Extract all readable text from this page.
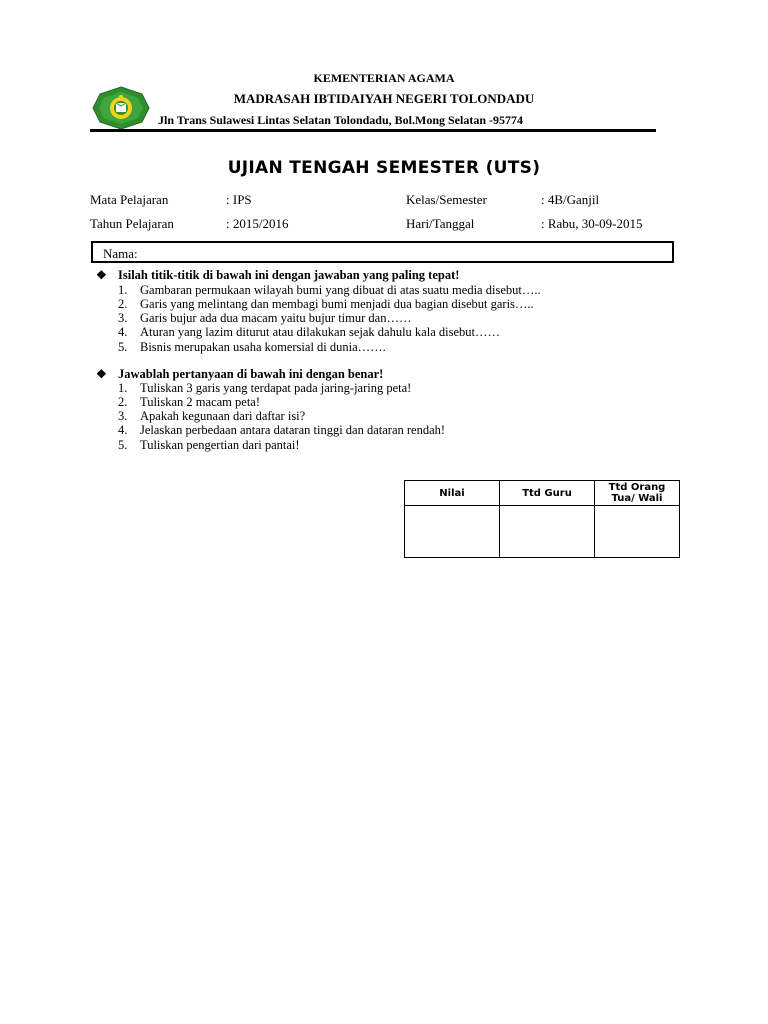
KEMENTERIAN AGAMA
MADRASAH IBTIDAIYAH NEGERI TOLONDADU
Jln Trans Sulawesi Lintas Selatan Tolondadu, Bol.Mong Selatan -95774
UJIAN TENGAH SEMESTER (UTS)
Mata Pelajaran	: IPS	Kelas/Semester	: 4B/Ganjil
Tahun Pelajaran	: 2015/2016	Hari/Tanggal	: Rabu, 30-09-2015
Nama:
❖ Isilah titik-titik di bawah ini dengan jawaban yang paling tepat!
1. Gambaran permukaan wilayah bumi yang dibuat di atas suatu media disebut…..
2. Garis yang melintang dan membagi bumi menjadi dua bagian disebut garis…..
3. Garis bujur ada dua macam yaitu bujur timur dan……
4. Aturan yang lazim diturut atau dilakukan sejak dahulu kala disebut……
5. Bisnis merupakan usaha komersial di dunia…….
❖ Jawablah pertanyaan di bawah ini dengan benar!
1. Tuliskan 3 garis yang terdapat pada jaring-jaring peta!
2. Tuliskan 2 macam peta!
3. Apakah kegunaan dari daftar isi?
4. Jelaskan perbedaan antara dataran tinggi dan dataran rendah!
5. Tuliskan pengertian dari pantai!
Nilai	Ttd Guru	Ttd Orang
Tua/ Wali
